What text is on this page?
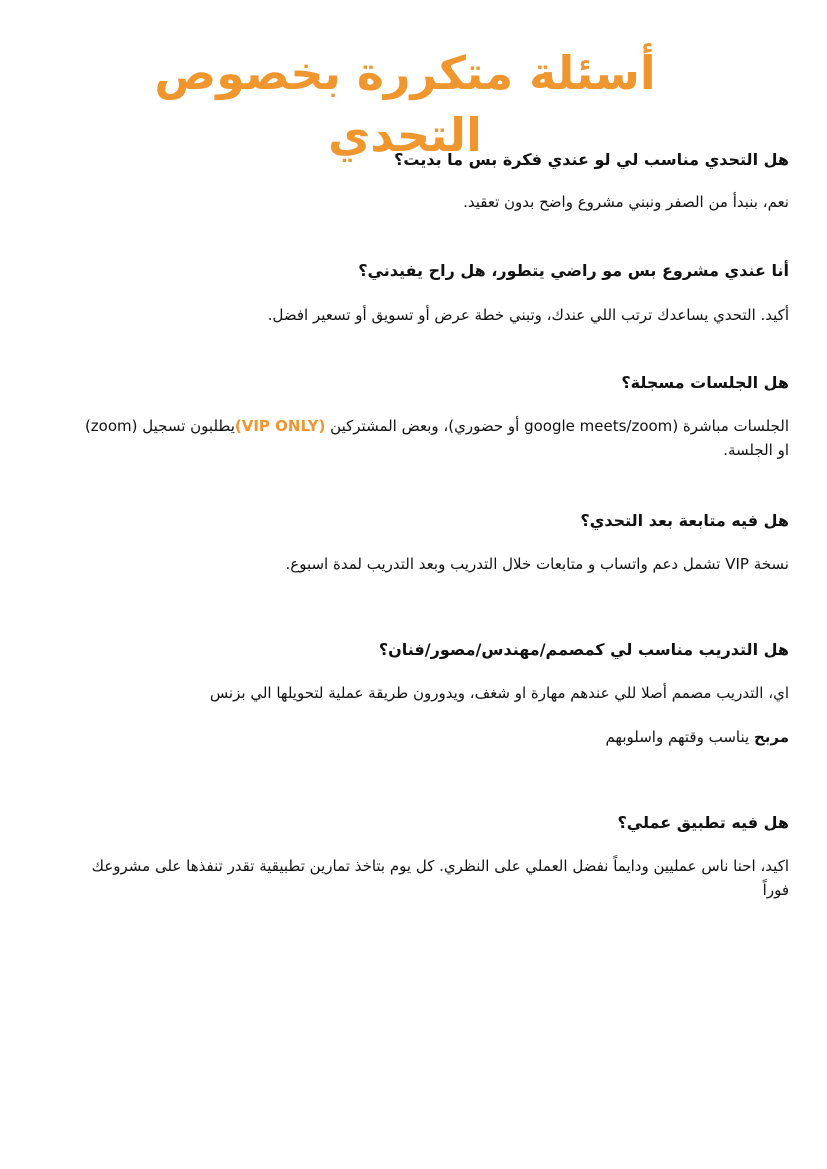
أسئلة متكررة بخصوص التحدي

هل التحدي مناسب لي لو عندي فكرة بس ما بديت؟

نعم، بنبدأ من الصفر ونبني مشروع واضح بدون تعقيد.

أنا عندي مشروع بس مو راضي يتطور، هل راح يفيدني؟

أكيد. التحدي يساعدك ترتب اللي عندك، وتبني خطة عرض أو تسويق أو تسعير افضل.

هل الجلسات مسجلة؟

الجلسات مباشرة (google meets/zoom أو حضوري)، وبعض المشتركين (VIP ONLY)يطلبون تسجيل (zoom) او الجلسة.

هل فيه متابعة بعد التحدي؟

نسخة VIP تشمل دعم واتساب و متابعات خلال التدريب وبعد التدريب لمدة اسبوع.

هل التدريب مناسب لي كمصمم/مهندس/مصور/فنان؟

اي، التدريب مصمم أصلا للي عندهم مهارة او شغف، ويدورون طريقة عملية لتحويلها الي بزنس

مربح يناسب وقتهم واسلوبهم

هل فيه تطبيق عملي؟

اكيد، احنا ناس عمليين ودايماً نفضل العملي على النظري. كل يوم بتاخذ تمارين تطبيقية تقدر تنفذها على مشروعك فوراً
